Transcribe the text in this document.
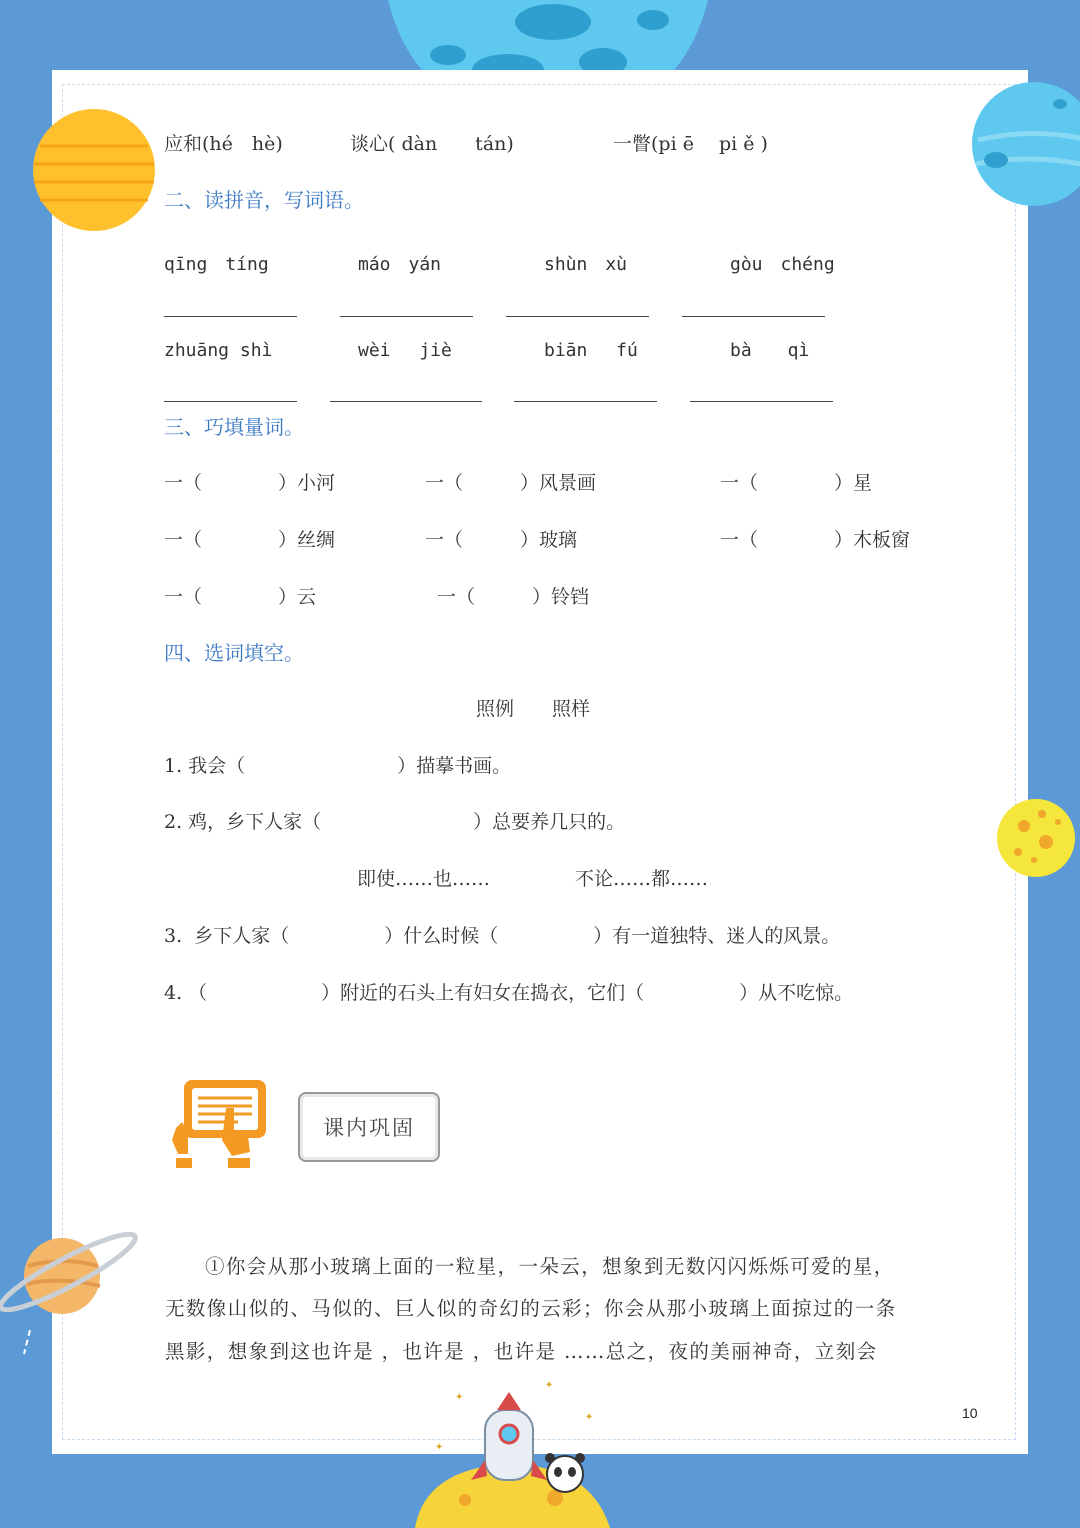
✦
✦
✦
✦
应和(hé　hè)	谈心( dàn　　tán)	一瞥(pi ē　 pi ě )
二、读拼音，写词语。
qīng　tíng	máo　yán	shùn　xù	gòu　chéng
zhuāng shì	wèi　 jiè	biān　 fú	bà　　qì
三、巧填量词。
一（　　　　）小河	一（　　　）风景画	一（　　　　）星
一（　　　　）丝绸	一（　　　）玻璃	一（　　　　）木板窗
一（　　　　）云	一（　　　）铃铛
四、选词填空。
照例　　照样
1. 我会（　　　　　　　　）描摹书画。
2. 鸡，乡下人家（　　　　　　　　）总要养几只的。
即使……也……	不论……都……
3.  乡下人家（　　　　　）什么时候（　　　　　）有一道独特、迷人的风景。
4. （　　　　　　）附近的石头上有妇女在捣衣，它们（　　　　　）从不吃惊。
课内巩固
①你会从那小玻璃上面的一粒星，一朵云，想象到无数闪闪烁烁可爱的星，
无数像山似的、马似的、巨人似的奇幻的云彩；你会从那小玻璃上面掠过的一条
黑影，想象到这也许是 ，也许是 ，也许是 ……总之，夜的美丽神奇，立刻会
10
